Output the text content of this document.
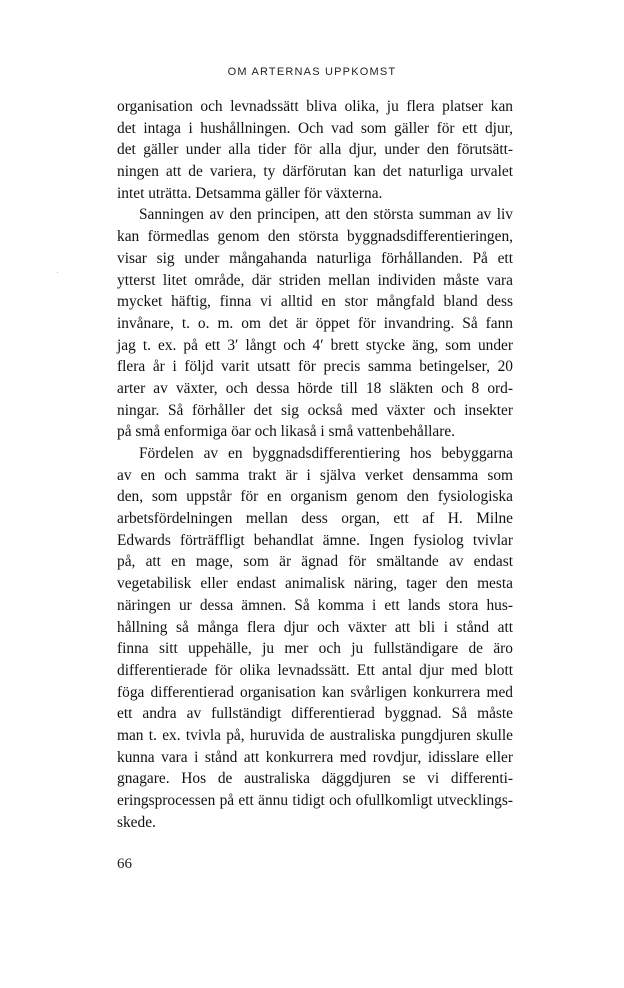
OM ARTERNAS UPPKOMST
organisation och levnadssätt bliva olika, ju flera platser kan
det intaga i hushållningen. Och vad som gäller för ett djur,
det gäller under alla tider för alla djur, under den förutsätt-
ningen att de variera, ty därförutan kan det naturliga urvalet
intet uträtta. Detsamma gäller för växterna.
Sanningen av den principen, att den största summan av liv
kan förmedlas genom den största byggnadsdifferentieringen,
visar sig under mångahanda naturliga förhållanden. På ett
ytterst litet område, där striden mellan individen måste vara
mycket häftig, finna vi alltid en stor mångfald bland dess
invånare, t. o. m. om det är öppet för invandring. Så fann
jag t. ex. på ett 3′ långt och 4′ brett stycke äng, som under
flera år i följd varit utsatt för precis samma betingelser, 20
arter av växter, och dessa hörde till 18 släkten och 8 ord-
ningar. Så förhåller det sig också med växter och insekter
på små enformiga öar och likaså i små vattenbehållare.
Fördelen av en byggnadsdifferentiering hos bebyggarna
av en och samma trakt är i själva verket densamma som
den, som uppstår för en organism genom den fysiologiska
arbetsfördelningen mellan dess organ, ett af H. Milne
Edwards förträffligt behandlat ämne. Ingen fysiolog tvivlar
på, att en mage, som är ägnad för smältande av endast
vegetabilisk eller endast animalisk näring, tager den mesta
näringen ur dessa ämnen. Så komma i ett lands stora hus-
hållning så många flera djur och växter att bli i stånd att
finna sitt uppehälle, ju mer och ju fullständigare de äro
differentierade för olika levnadssätt. Ett antal djur med blott
föga differentierad organisation kan svårligen konkurrera med
ett andra av fullständigt differentierad byggnad. Så måste
man t. ex. tvivla på, huruvida de australiska pungdjuren skulle
kunna vara i stånd att konkurrera med rovdjur, idisslare eller
gnagare. Hos de australiska däggdjuren se vi differenti-
eringsprocessen på ett ännu tidigt och ofullkomligt utvecklings-
skede.
66
